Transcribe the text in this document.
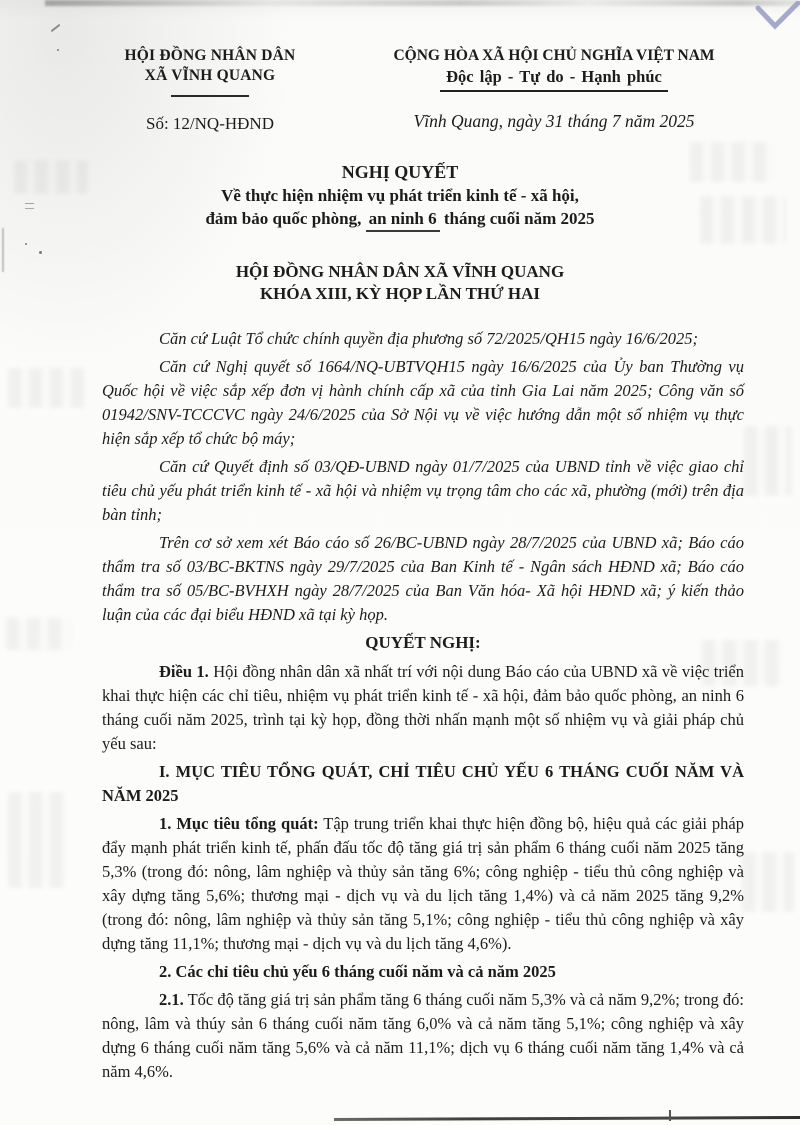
HỘI ĐỒNG NHÂN DÂN
XÃ VĨNH QUANG
Số: 12/NQ-HĐND
CỘNG HÒA XÃ HỘI CHỦ NGHĨA VIỆT NAM
Độc lập - Tự do - Hạnh phúc
Vĩnh Quang, ngày 31 tháng 7 năm 2025
NGHỊ QUYẾT
Về thực hiện nhiệm vụ phát triển kinh tế - xã hội,
đảm bảo quốc phòng, an ninh 6 tháng cuối năm 2025
HỘI ĐỒNG NHÂN DÂN XÃ VĨNH QUANG
KHÓA XIII, KỲ HỌP LẦN THỨ HAI

Căn cứ Luật Tổ chức chính quyền địa phương số 72/2025/QH15 ngày 16/6/2025;

Căn cứ Nghị quyết số 1664/NQ-UBTVQH15 ngày 16/6/2025 của Ủy ban Thường vụ Quốc hội về việc sắp xếp đơn vị hành chính cấp xã của tỉnh Gia Lai năm 2025; Công văn số 01942/SNV-TCCCVC ngày 24/6/2025 của Sở Nội vụ về việc hướng dẫn một số nhiệm vụ thực hiện sắp xếp tổ chức bộ máy;

Căn cứ Quyết định số 03/QĐ-UBND ngày 01/7/2025 của UBND tỉnh về việc giao chỉ tiêu chủ yếu phát triển kinh tế - xã hội và nhiệm vụ trọng tâm cho các xã, phường (mới) trên địa bàn tỉnh;

Trên cơ sở xem xét Báo cáo số 26/BC-UBND ngày 28/7/2025 của UBND xã; Báo cáo thẩm tra số 03/BC-BKTNS ngày 29/7/2025 của Ban Kinh tế - Ngân sách HĐND xã; Báo cáo thẩm tra số 05/BC-BVHXH ngày 28/7/2025 của Ban Văn hóa- Xã hội HĐND xã; ý kiến thảo luận của các đại biểu HĐND xã tại kỳ họp.

QUYẾT NGHỊ:

Điều 1. Hội đồng nhân dân xã nhất trí với nội dung Báo cáo của UBND xã về việc triển khai thực hiện các chỉ tiêu, nhiệm vụ phát triển kinh tế - xã hội, đảm bảo quốc phòng, an ninh 6 tháng cuối năm 2025, trình tại kỳ họp, đồng thời nhấn mạnh một số nhiệm vụ và giải pháp chủ yếu sau:

I. MỤC TIÊU TỔNG QUÁT, CHỈ TIÊU CHỦ YẾU 6 THÁNG CUỐI NĂM VÀ NĂM 2025

1. Mục tiêu tổng quát: Tập trung triển khai thực hiện đồng bộ, hiệu quả các giải pháp đẩy mạnh phát triển kinh tế, phấn đấu tốc độ tăng giá trị sản phẩm 6 tháng cuối năm 2025 tăng 5,3% (trong đó: nông, lâm nghiệp và thủy sản tăng 6%; công nghiệp - tiểu thủ công nghiệp và xây dựng tăng 5,6%; thương mại - dịch vụ và du lịch tăng 1,4%) và cả năm 2025 tăng 9,2% (trong đó: nông, lâm nghiệp và thủy sản tăng 5,1%; công nghiệp - tiểu thủ công nghiệp và xây dựng tăng 11,1%; thương mại - dịch vụ và du lịch tăng 4,6%).

2. Các chỉ tiêu chủ yếu 6 tháng cuối năm và cả năm 2025

2.1. Tốc độ tăng giá trị sản phẩm tăng 6 tháng cuối năm 5,3% và cả năm 9,2%; trong đó: nông, lâm và thúy sản 6 tháng cuối năm tăng 6,0% và cả năm tăng 5,1%; công nghiệp và xây dựng 6 tháng cuối năm tăng 5,6% và cả năm 11,1%; dịch vụ 6 tháng cuối năm tăng 1,4% và cả năm 4,6%.
